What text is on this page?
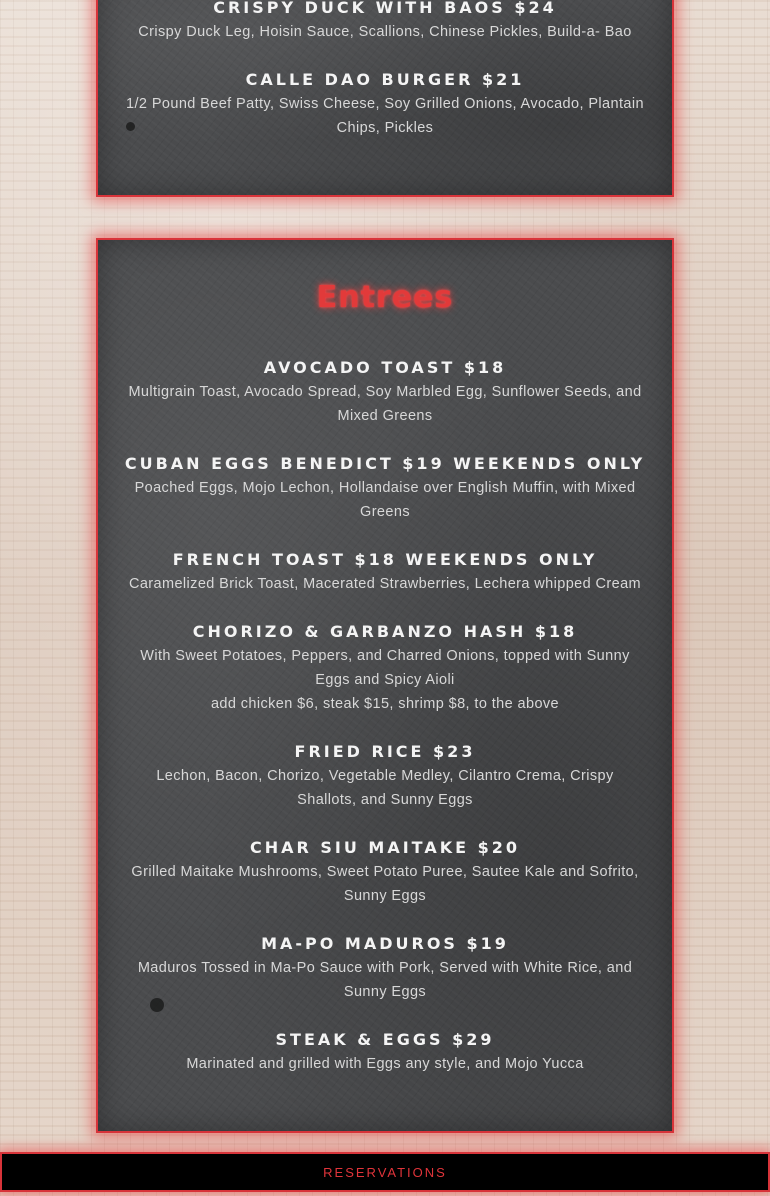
CRISPY DUCK WITH BAOS $24
Crispy Duck Leg, Hoisin Sauce, Scallions, Chinese Pickles, Build-a- Bao
CALLE DAO BURGER $21
1/2 Pound Beef Patty, Swiss Cheese, Soy Grilled Onions, Avocado, Plantain Chips, Pickles
Entrees
AVOCADO TOAST $18
Multigrain Toast, Avocado Spread, Soy Marbled Egg, Sunflower Seeds, and Mixed Greens
CUBAN EGGS BENEDICT $19 WEEKENDS ONLY
Poached Eggs, Mojo Lechon, Hollandaise over English Muffin, with Mixed Greens
FRENCH TOAST $18 WEEKENDS ONLY
Caramelized Brick Toast, Macerated Strawberries, Lechera whipped Cream
CHORIZO & GARBANZO HASH $18
With Sweet Potatoes, Peppers, and Charred Onions, topped with Sunny Eggs and Spicy Aioli
add chicken $6, steak $15, shrimp $8, to the above
FRIED RICE $23
Lechon, Bacon, Chorizo, Vegetable Medley, Cilantro Crema, Crispy Shallots, and Sunny Eggs
CHAR SIU MAITAKE $20
Grilled Maitake Mushrooms, Sweet Potato Puree, Sautee Kale and Sofrito, Sunny Eggs
MA-PO MADUROS $19
Maduros Tossed in Ma-Po Sauce with Pork, Served with White Rice, and Sunny Eggs
STEAK & EGGS $29
Marinated and grilled with Eggs any style, and Mojo Yucca
RESERVATIONS
